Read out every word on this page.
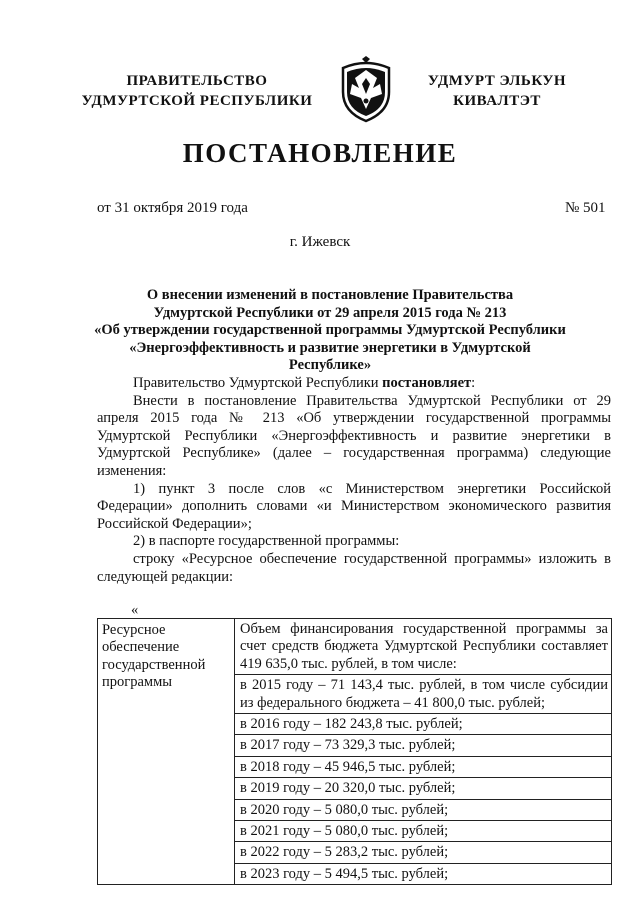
ПРАВИТЕЛЬСТВО
УДМУРТСКОЙ РЕСПУБЛИКИ
УДМУРТ ЭЛЬКУН
КИВАЛТЭТ
ПОСТАНОВЛЕНИЕ
от 31 октября 2019 года	№ 501
г. Ижевск
О внесении изменений в постановление Правительства
Удмуртской Республики от 29 апреля 2015 года № 213
«Об утверждении государственной программы Удмуртской Республики
«Энергоэффективность и развитие энергетики в Удмуртской Республике»

Правительство Удмуртской Республики постановляет:

Внести в постановление Правительства Удмуртской Республики от 29 апреля 2015 года № 213 «Об утверждении государственной программы Удмуртской Республики «Энергоэффективность и развитие энергетики в Удмуртской Республике» (далее – государственная программа) следующие изменения:

1) пункт 3 после слов «с Министерством энергетики Российской Федерации» дополнить словами «и Министерством экономического развития Российской Федерации»;

2) в паспорте государственной программы:

строку «Ресурсное обеспечение государственной программы» изложить в следующей редакции:

«
Ресурсное
обеспечение
государственной
программы
	Объем финансирования государственной программы за счет средств бюджета Удмуртской Республики составляет 419 635,0 тыс. рублей, в том числе:
в 2015 году – 71 143,4 тыс. рублей, в том числе субсидии из федерального бюджета – 41 800,0 тыс. рублей;
в 2016 году – 182 243,8 тыс. рублей;
в 2017 году – 73 329,3 тыс. рублей;
в 2018 году – 45 946,5 тыс. рублей;
в 2019 году – 20 320,0 тыс. рублей;
в 2020 году – 5 080,0 тыс. рублей;
в 2021 году – 5 080,0 тыс. рублей;
в 2022 году – 5 283,2 тыс. рублей;
в 2023 году – 5 494,5 тыс. рублей;
